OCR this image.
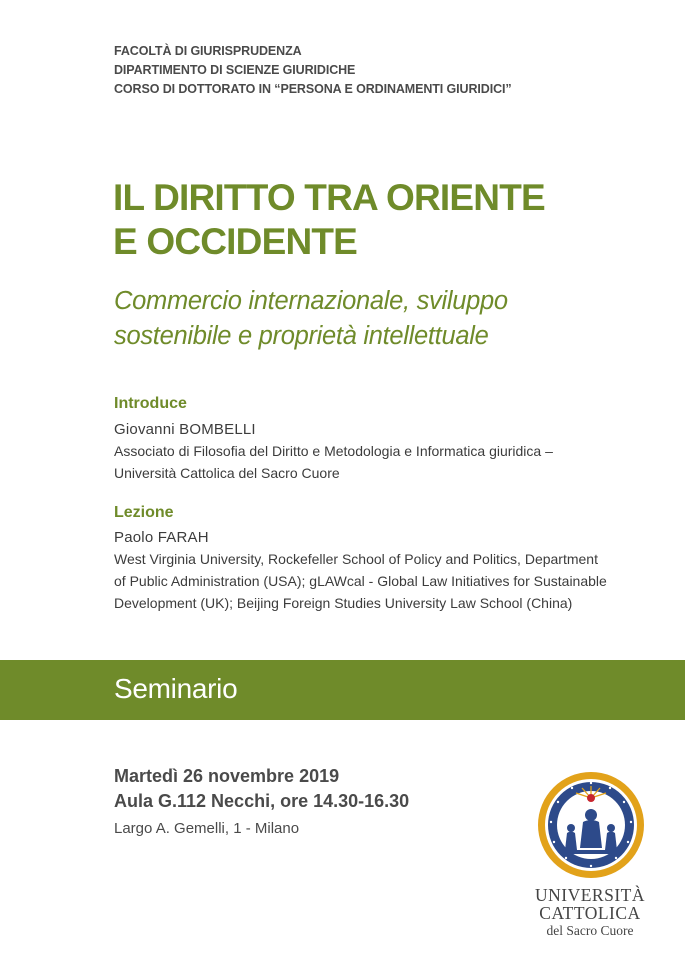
FACOLTÀ DI GIURISPRUDENZA
DIPARTIMENTO DI SCIENZE GIURIDICHE
CORSO DI DOTTORATO IN “PERSONA E ORDINAMENTI GIURIDICI”
IL DIRITTO TRA ORIENTE
E OCCIDENTE
Commercio internazionale, sviluppo
sostenibile e proprietà intellettuale
Introduce
Giovanni BOMBELLI
Associato di Filosofia del Diritto e Metodologia e Informatica giuridica –
Università Cattolica del Sacro Cuore
Lezione
Paolo FARAH
West Virginia University, Rockefeller School of Policy and Politics, Department
of Public Administration (USA); gLAWcal - Global Law Initiatives for Sustainable
Development (UK); Beijing Foreign Studies University Law School (China)
Seminario
Martedì 26 novembre 2019
Aula G.112 Necchi, ore 14.30-16.30
Largo A. Gemelli, 1 - Milano
UNIVERSITÀ
CATTOLICA
del Sacro Cuore
